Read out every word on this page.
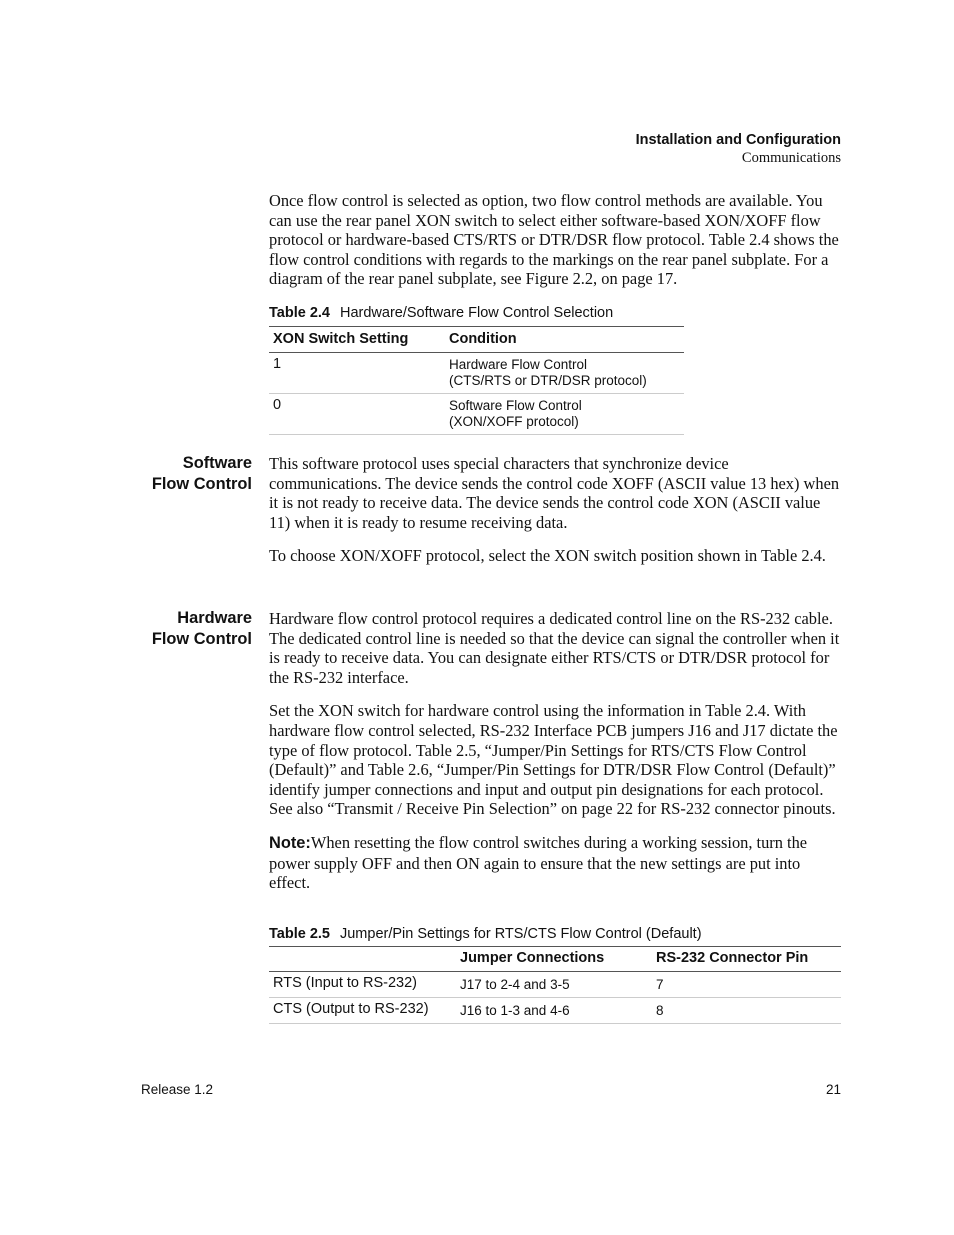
Installation and Configuration
Communications

Once flow control is selected as option, two flow control methods are available. You can use the rear panel XON switch to select either software-based XON/XOFF flow protocol or hardware-based CTS/RTS or DTR/DSR flow protocol. Table 2.4 shows the flow control conditions with regards to the markings on the rear panel subplate. For a diagram of the rear panel subplate, see Figure 2.2, on page 17.

Table 2.4 Hardware/Software Flow Control Selection
XON Switch Setting	Condition
1	Hardware Flow Control
(CTS/RTS or DTR/DSR protocol)

0	Software Flow Control
(XON/XOFF protocol)
Software
Flow Control

This software protocol uses special characters that synchronize device communications. The device sends the control code XOFF (ASCII value 13 hex) when it is not ready to receive data. The device sends the control code XON (ASCII value 11) when it is ready to resume receiving data.

To choose XON/XOFF protocol, select the XON switch position shown in Table 2.4.

Hardware
Flow Control

Hardware flow control protocol requires a dedicated control line on the RS-232 cable. The dedicated control line is needed so that the device can signal the controller when it is ready to receive data. You can designate either RTS/CTS or DTR/DSR protocol for the RS-232 interface.

Set the XON switch for hardware control using the information in Table 2.4. With hardware flow control selected, RS-232 Interface PCB jumpers J16 and J17 dictate the type of flow protocol. Table 2.5, “Jumper/Pin Settings for RTS/CTS Flow Control (Default)” and Table 2.6, “Jumper/Pin Settings for DTR/DSR Flow Control (Default)” identify jumper connections and input and output pin designations for each protocol. See also “Transmit / Receive Pin Selection” on page 22 for RS-232 connector pinouts.

Note:When resetting the flow control switches during a working session, turn the power supply OFF and then ON again to ensure that the new settings are put into effect.

Table 2.5 Jumper/Pin Settings for RTS/CTS Flow Control (Default)
	Jumper Connections	RS-232 Connector Pin
RTS (Input to RS-232)	J17 to 2-4 and 3-5	7
CTS (Output to RS-232)	J16 to 1-3 and 4-6	8
Release 1.2	21
